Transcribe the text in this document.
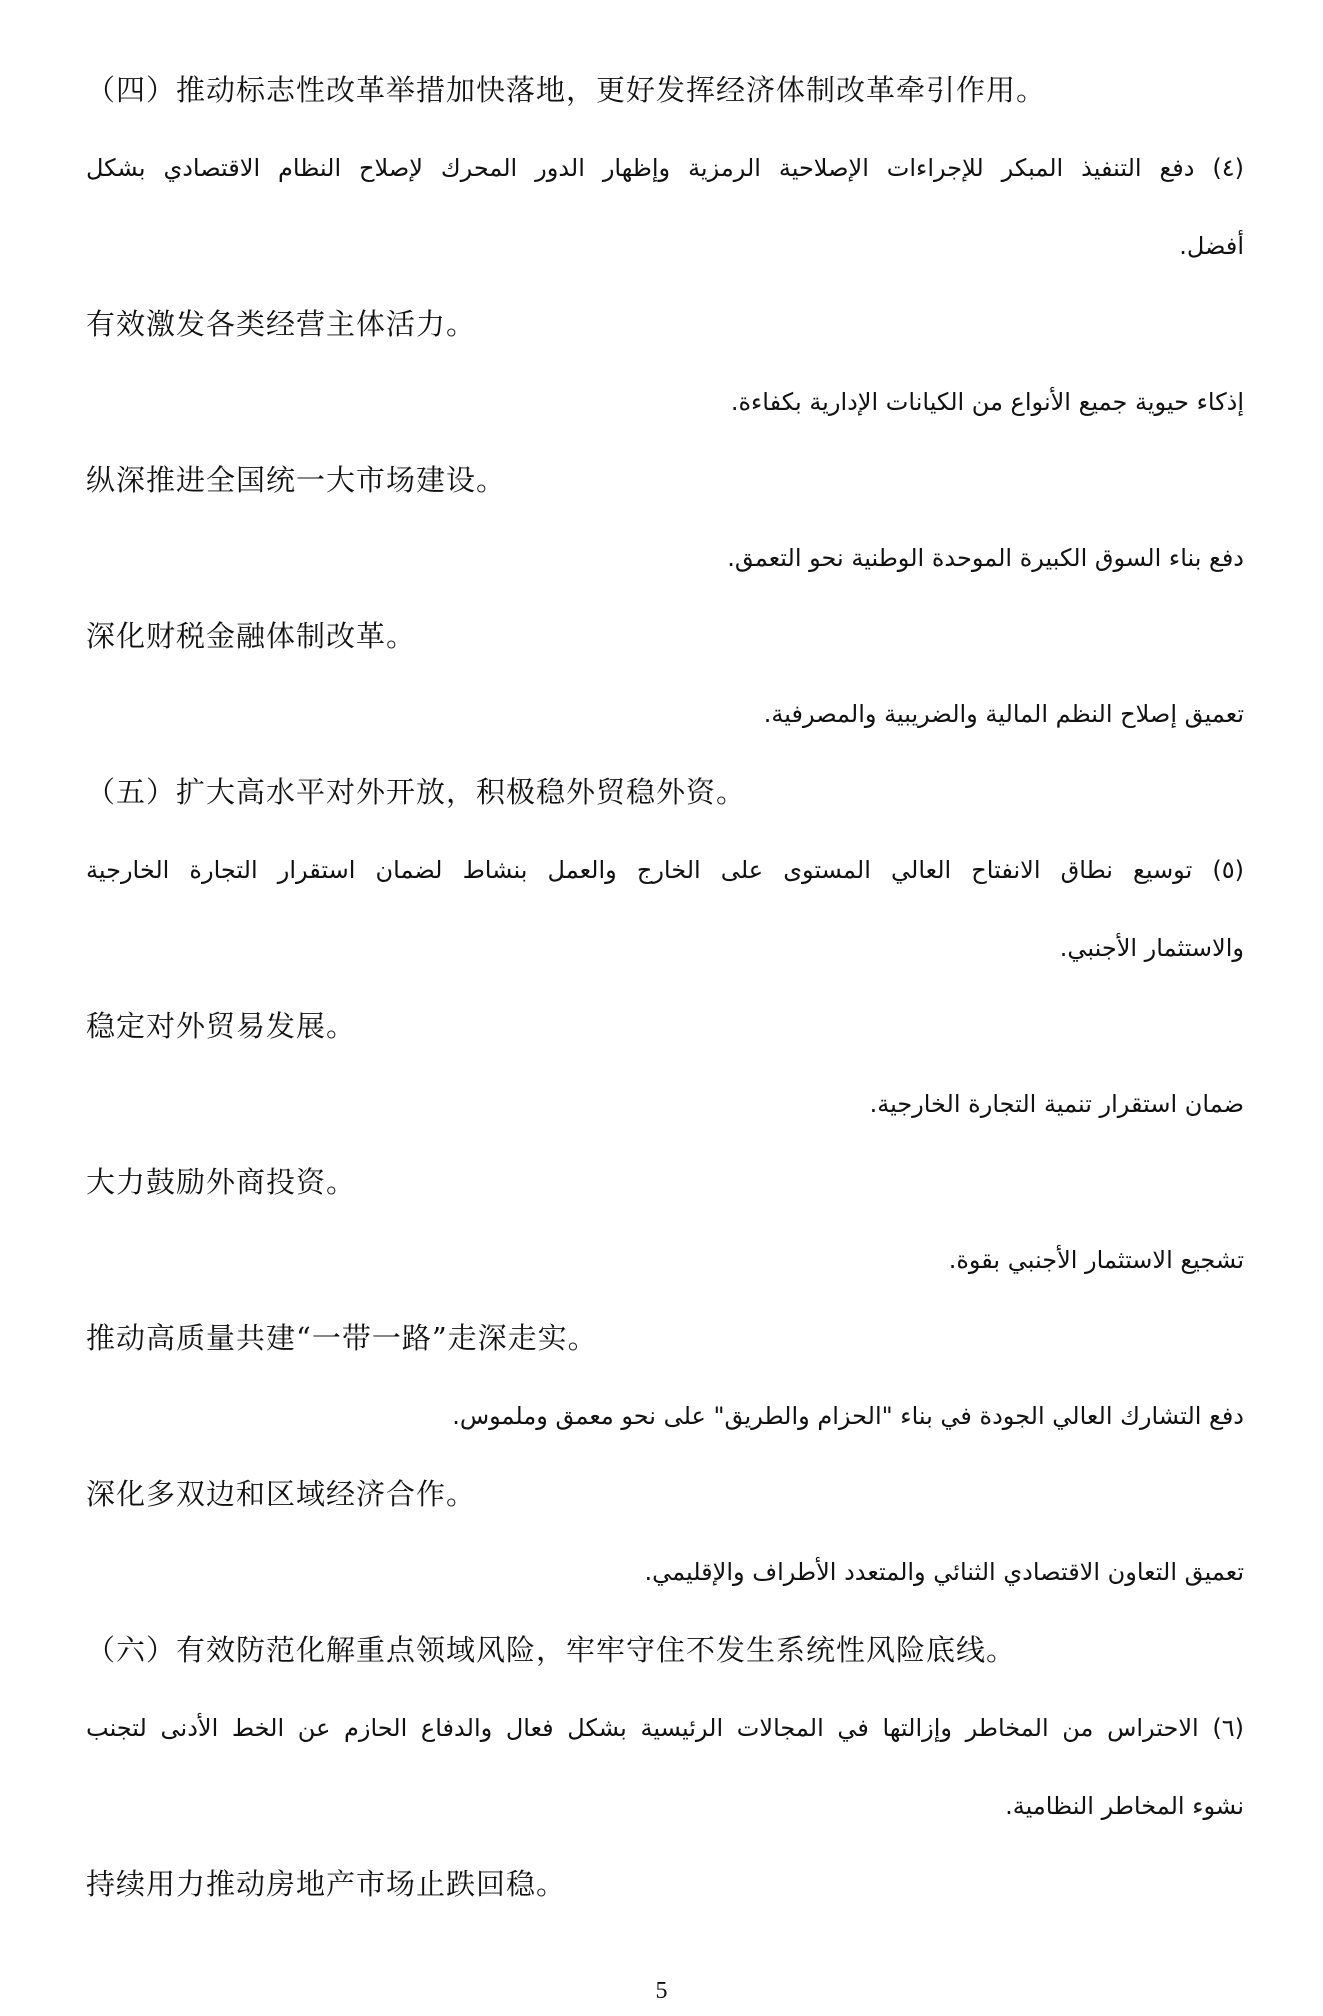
（四）推动标志性改革举措加快落地，更好发挥经济体制改革牵引作用。
(٤) دفع التنفيذ المبكر للإجراءات الإصلاحية الرمزية وإظهار الدور المحرك لإصلاح النظام الاقتصادي بشكل
أفضل.
有效激发各类经营主体活力。
إذكاء حيوية جميع الأنواع من الكيانات الإدارية بكفاءة.
纵深推进全国统一大市场建设。
دفع بناء السوق الكبيرة الموحدة الوطنية نحو التعمق.
深化财税金融体制改革。
تعميق إصلاح النظم المالية والضريبية والمصرفية.
（五）扩大高水平对外开放，积极稳外贸稳外资。
(٥) توسيع نطاق الانفتاح العالي المستوى على الخارج والعمل بنشاط لضمان استقرار التجارة الخارجية
والاستثمار الأجنبي.
稳定对外贸易发展。
ضمان استقرار تنمية التجارة الخارجية.
大力鼓励外商投资。
تشجيع الاستثمار الأجنبي بقوة.
推动高质量共建“一带一路”走深走实。
دفع التشارك العالي الجودة في بناء "الحزام والطريق" على نحو معمق وملموس.
深化多双边和区域经济合作。
تعميق التعاون الاقتصادي الثنائي والمتعدد الأطراف والإقليمي.
（六）有效防范化解重点领域风险，牢牢守住不发生系统性风险底线。
(٦) الاحتراس من المخاطر وإزالتها في المجالات الرئيسية بشكل فعال والدفاع الحازم عن الخط الأدنى لتجنب
نشوء المخاطر النظامية.
持续用力推动房地产市场止跌回稳。
5
